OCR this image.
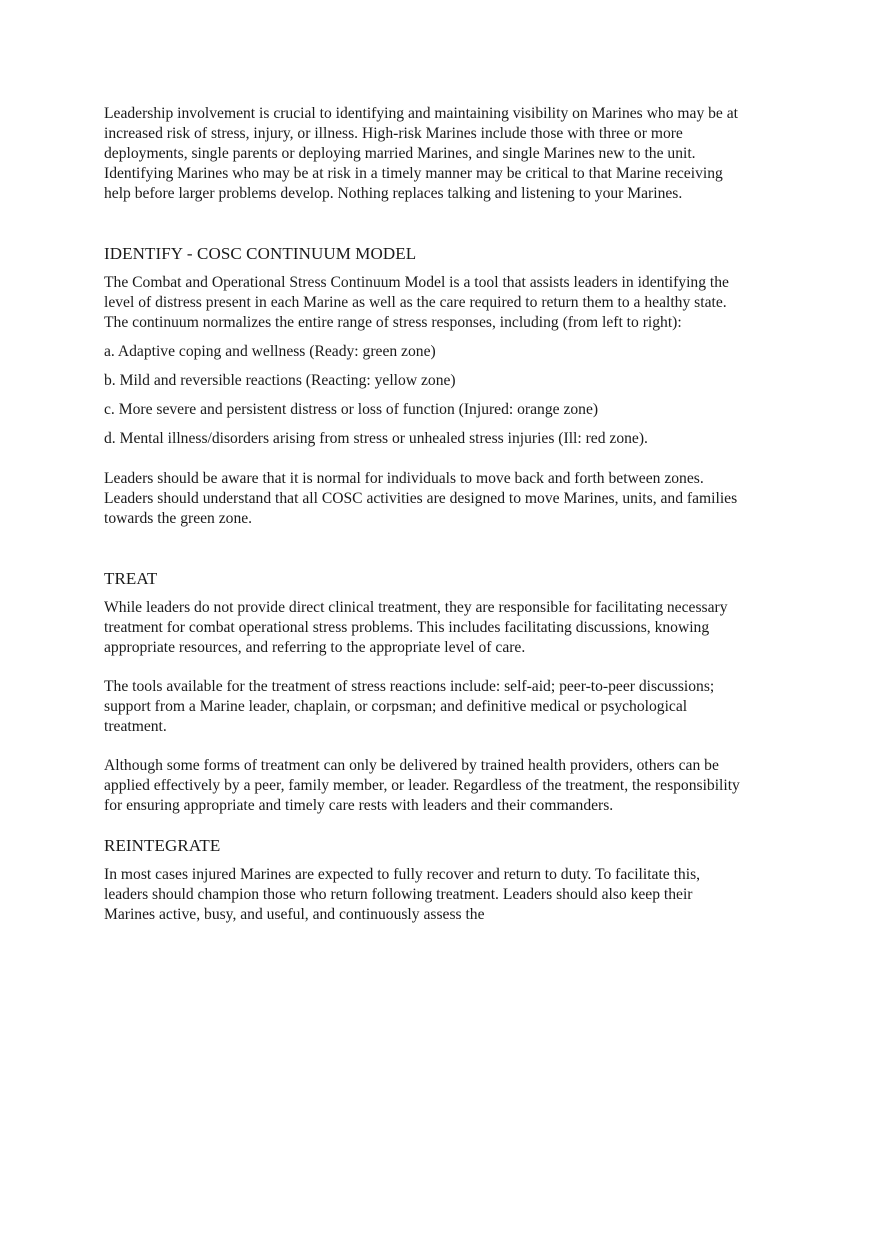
Leadership involvement is crucial to identifying and maintaining visibility on Marines who may be at increased risk of stress, injury, or illness. High-risk Marines include those with three or more deployments, single parents or deploying married Marines, and single Marines new to the unit. Identifying Marines who may be at risk in a timely manner may be critical to that Marine receiving help before larger problems develop. Nothing replaces talking and listening to your Marines.

IDENTIFY - COSC CONTINUUM MODEL

The Combat and Operational Stress Continuum Model is a tool that assists leaders in identifying the level of distress present in each Marine as well as the care required to return them to a healthy state. The continuum normalizes the entire range of stress responses, including (from left to right):

a. Adaptive coping and wellness (Ready: green zone)

b. Mild and reversible reactions (Reacting: yellow zone)

c. More severe and persistent distress or loss of function (Injured: orange zone)

d. Mental illness/disorders arising from stress or unhealed stress injuries (Ill: red zone).

Leaders should be aware that it is normal for individuals to move back and forth between zones. Leaders should understand that all COSC activities are designed to move Marines, units, and families towards the green zone.

TREAT

While leaders do not provide direct clinical treatment, they are responsible for facilitating necessary treatment for combat operational stress problems. This includes facilitating discussions, knowing appropriate resources, and referring to the appropriate level of care.

The tools available for the treatment of stress reactions include: self-aid; peer-to-peer discussions; support from a Marine leader, chaplain, or corpsman; and definitive medical or psychological treatment.

Although some forms of treatment can only be delivered by trained health providers, others can be applied effectively by a peer, family member, or leader. Regardless of the treatment, the responsibility for ensuring appropriate and timely care rests with leaders and their commanders.

REINTEGRATE

In most cases injured Marines are expected to fully recover and return to duty. To facilitate this, leaders should champion those who return following treatment. Leaders should also keep their Marines active, busy, and useful, and continuously assess the
